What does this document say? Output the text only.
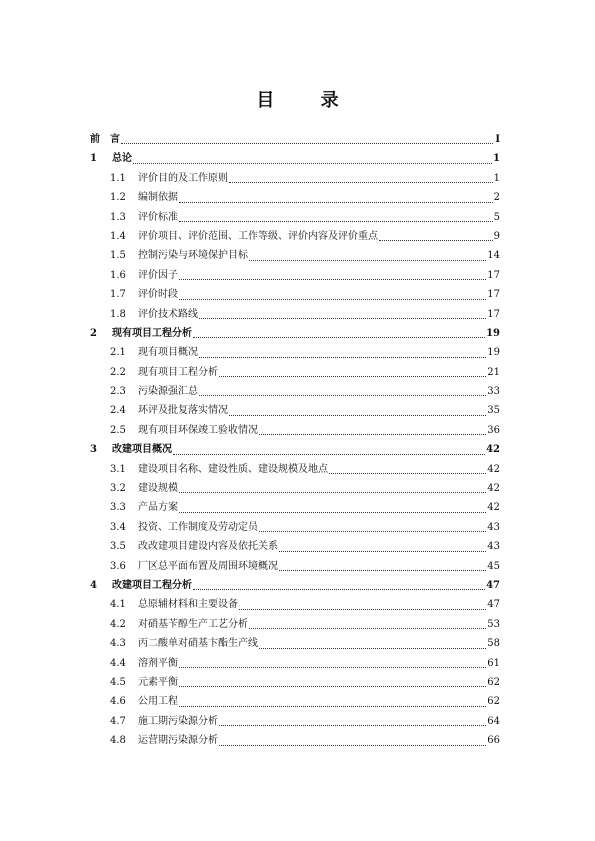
目 录
前　言	I
1	总论	1
1.1	评价目的及工作原则	1
1.2	编制依据	2
1.3	评价标准	5
1.4	评价项目、评价范围、工作等级、评价内容及评价重点	9
1.5	控制污染与环境保护目标	14
1.6	评价因子	17
1.7	评价时段	17
1.8	评价技术路线	17
2	现有项目工程分析	19
2.1	现有项目概况	19
2.2	现有项目工程分析	21
2.3	污染源强汇总	33
2.4	环评及批复落实情况	35
2.5	现有项目环保竣工验收情况	36
3	改建项目概况	42
3.1	建设项目名称、建设性质、建设规模及地点	42
3.2	建设规模	42
3.3	产品方案	42
3.4	投资、工作制度及劳动定员	43
3.5	改改建项目建设内容及依托关系	43
3.6	厂区总平面布置及周围环境概况	45
4	改建项目工程分析	47
4.1	总原辅材料和主要设备	47
4.2	对硝基苄醇生产工艺分析	53
4.3	丙二酸单对硝基卞酯生产线	58
4.4	溶剂平衡	61
4.5	元素平衡	62
4.6	公用工程	62
4.7	施工期污染源分析	64
4.8	运营期污染源分析	66
